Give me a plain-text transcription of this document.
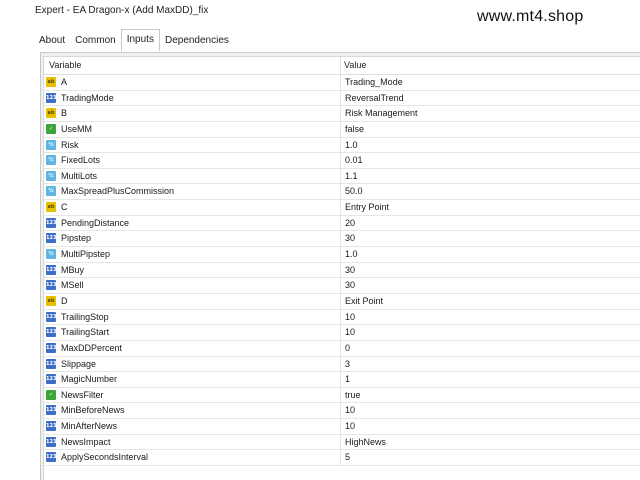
Expert - EA Dragon-x (Add MaxDD)_fix	www.mt4.shop
About	Common	Inputs	Dependencies
Variable	Value
ab A	Trading_Mode
123 TradingMode	ReversalTrend
ab B	Risk Management
✓ UseMM	false
½ Risk	1.0
½ FixedLots	0.01
½ MultiLots	1.1
½ MaxSpreadPlusCommission	50.0
ab C	Entry Point
123 PendingDistance	20
123 Pipstep	30
½ MultiPipstep	1.0
123 MBuy	30
123 MSell	30
ab D	Exit Point
123 TrailingStop	10
123 TrailingStart	10
123 MaxDDPercent	0
123 Slippage	3
123 MagicNumber	1
✓ NewsFilter	true
123 MinBeforeNews	10
123 MinAfterNews	10
123 NewsImpact	HighNews
123 ApplySecondsInterval	5
